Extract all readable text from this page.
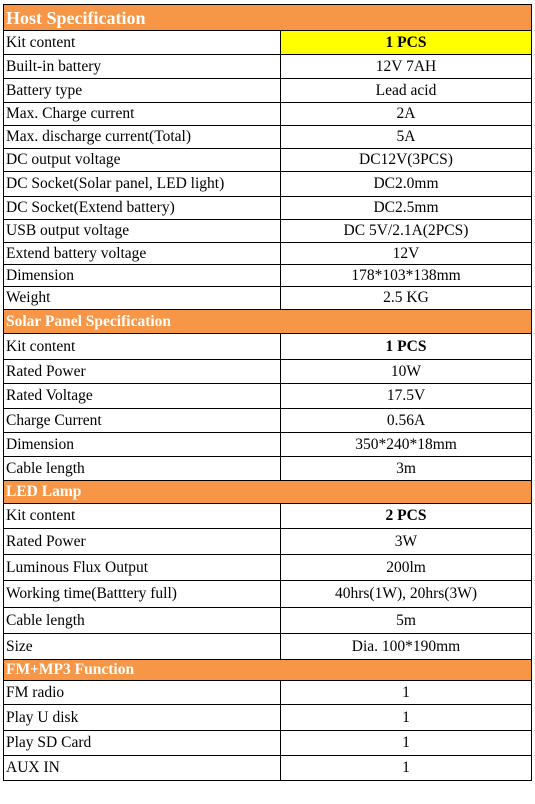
Host Specification	
Kit content	1 PCS
Built-in battery	12V 7AH
Battery type	Lead acid
Max. Charge current	2A
Max. discharge current(Total)	5A
DC output voltage	DC12V(3PCS)
DC Socket(Solar panel, LED light)	DC2.0mm
DC Socket(Extend battery)	DC2.5mm
USB output voltage	DC 5V/2.1A(2PCS)
Extend battery voltage	12V
Dimension	178*103*138mm
Weight	2.5 KG
Solar Panel Specification	
Kit content	1 PCS
Rated Power	10W
Rated Voltage	17.5V
Charge Current	0.56A
Dimension	350*240*18mm
Cable length	3m
LED Lamp	
Kit content	2 PCS
Rated Power	3W
Luminous Flux Output	200lm
Working time(Batttery full)	40hrs(1W), 20hrs(3W)
Cable length	5m
Size	Dia. 100*190mm
FM+MP3 Function	
FM radio	1
Play U disk	1
Play SD Card	1
AUX IN	1
